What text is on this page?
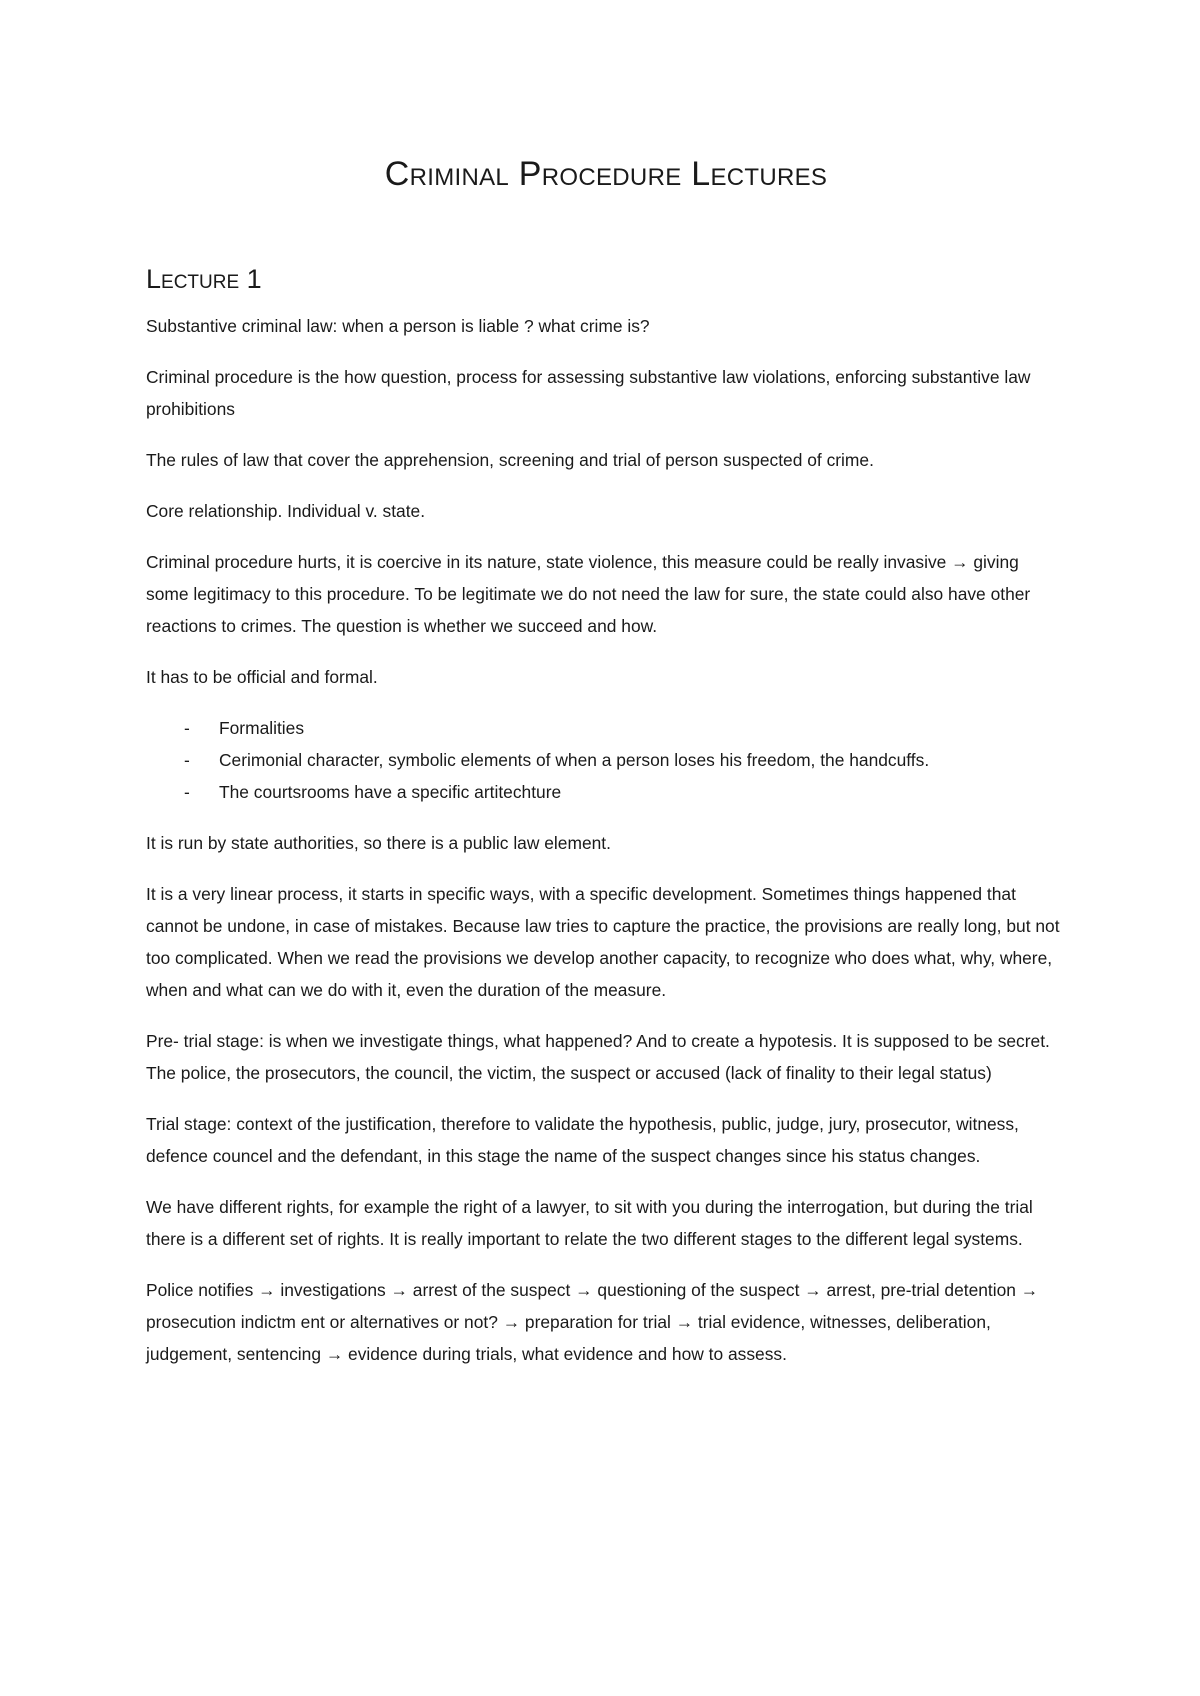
Criminal Procedure Lectures
Lecture 1

Substantive criminal law: when a person is liable ? what crime is?

Criminal procedure is the how question, process for assessing substantive law violations, enforcing substantive law prohibitions

The rules of law that cover the apprehension, screening and trial of person suspected of crime.

Core relationship. Individual v. state.

Criminal procedure hurts, it is coercive in its nature, state violence, this measure could be really invasive → giving some legitimacy to this procedure. To be legitimate we do not need the law for sure, the state could also have other reactions to crimes. The question is whether we succeed and how.

It has to be official and formal.

- Formalities
- Cerimonial character, symbolic elements of when a person loses his freedom, the handcuffs.
- The courtsrooms have a specific artitechture

It is run by state authorities, so there is a public law element.

It is a very linear process, it starts in specific ways, with a specific development. Sometimes things happened that cannot be undone, in case of mistakes. Because law tries to capture the practice, the provisions are really long, but not too complicated. When we read the provisions we develop another capacity, to recognize who does what, why, where, when and what can we do with it, even the duration of the measure.

Pre- trial stage: is when we investigate things, what happened? And to create a hypotesis. It is supposed to be secret. The police, the prosecutors, the council, the victim, the suspect or accused (lack of finality to their legal status)

Trial stage: context of the justification, therefore to validate the hypothesis, public, judge, jury, prosecutor, witness, defence councel and the defendant, in this stage the name of the suspect changes since his status changes.

We have different rights, for example the right of a lawyer, to sit with you during the interrogation, but during the trial there is a different set of rights. It is really important to relate the two different stages to the different legal systems.

Police notifies → investigations → arrest of the suspect → questioning of the suspect → arrest, pre-trial detention → prosecution indictm ent or alternatives or not? → preparation for trial → trial evidence, witnesses, deliberation, judgement, sentencing → evidence during trials, what evidence and how to assess.
